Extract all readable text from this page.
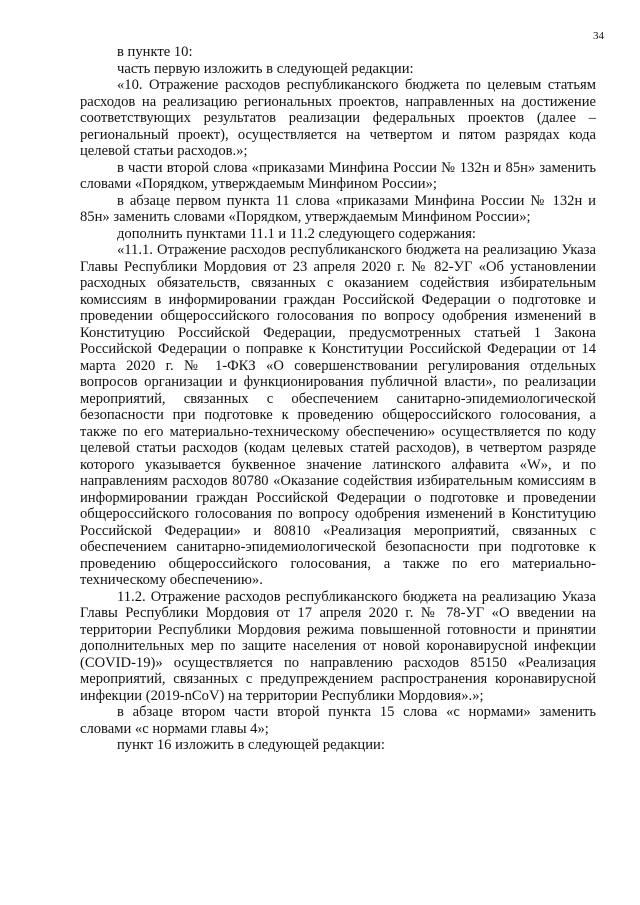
34

в пункте 10:

часть первую изложить в следующей редакции:

«10. Отражение расходов республиканского бюджета по целевым статьям расходов на реализацию региональных проектов, направленных на достижение соответствующих результатов реализации федеральных проектов (далее – региональный проект), осуществляется на четвертом и пятом разрядах кода целевой статьи расходов.»;

в части второй слова «приказами Минфина России № 132н и 85н» заменить словами «Порядком, утверждаемым Минфином России»;

в абзаце первом пункта 11 слова «приказами Минфина России № 132н и 85н» заменить словами «Порядком, утверждаемым Минфином России»;

дополнить пунктами 11.1 и 11.2 следующего содержания:

«11.1. Отражение расходов республиканского бюджета на реализацию Указа Главы Республики Мордовия от 23 апреля 2020 г. № 82-УГ «Об установлении расходных обязательств, связанных с оказанием содействия избирательным комиссиям в информировании граждан Российской Федерации о подготовке и проведении общероссийского голосования по вопросу одобрения изменений в Конституцию Российской Федерации, предусмотренных статьей 1 Закона Российской Федерации о поправке к Конституции Российской Федерации от 14 марта 2020 г. № 1-ФКЗ «О совершенствовании регулирования отдельных вопросов организации и функционирования публичной власти», по реализации мероприятий, связанных с обеспечением санитарно-эпидемиологической безопасности при подготовке к проведению общероссийского голосования, а также по его материально-техническому обеспечению» осуществляется по коду целевой статьи расходов (кодам целевых статей расходов), в четвертом разряде которого указывается буквенное значение латинского алфавита «W», и по направлениям расходов 80780 «Оказание содействия избирательным комиссиям в информировании граждан Российской Федерации о подготовке и проведении общероссийского голосования по вопросу одобрения изменений в Конституцию Российской Федерации» и 80810 «Реализация мероприятий, связанных с обеспечением санитарно-эпидемиологической безопасности при подготовке к проведению общероссийского голосования, а также по его материально-техническому обеспечению».

11.2. Отражение расходов республиканского бюджета на реализацию Указа Главы Республики Мордовия от 17 апреля 2020 г. № 78-УГ «О введении на территории Республики Мордовия режима повышенной готовности и принятии дополнительных мер по защите населения от новой коронавирусной инфекции (COVID-19)» осуществляется по направлению расходов 85150 «Реализация мероприятий, связанных с предупреждением распространения коронавирусной инфекции (2019-nCoV) на территории Республики Мордовия».»;

в абзаце втором части второй пункта 15 слова «с нормами» заменить словами «с нормами главы 4»;

пункт 16 изложить в следующей редакции:
